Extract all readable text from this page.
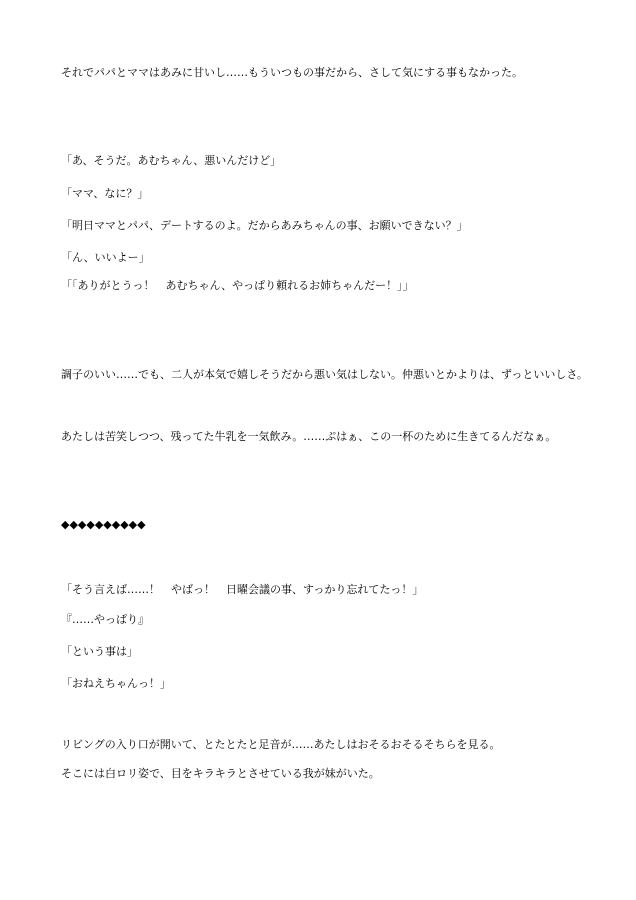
それでパパとママはあみに甘いし……もういつもの事だから、さして気にする事もなかった。
「あ、そうだ。あむちゃん、悪いんだけど」
「ママ、なに？」
「明日ママとパパ、デートするのよ。だからあみちゃんの事、お願いできない？」
「ん、いいよー」
「「ありがとうっ！　あむちゃん、やっぱり頼れるお姉ちゃんだー！」」
調子のいい……でも、二人が本気で嬉しそうだから悪い気はしない。仲悪いとかよりは、ずっといいしさ。
あたしは苦笑しつつ、残ってた牛乳を一気飲み。……ぷはぁ、この一杯のために生きてるんだなぁ。
◆◆◆◆◆◆◆◆◆◆
「そう言えば……！　やばっ！　日曜会議の事、すっかり忘れてたっ！」
『……やっぱり』
「という事は」
「おねえちゃんっ！」
リビングの入り口が開いて、とたとたと足音が……あたしはおそるおそるそちらを見る。
そこには白ロリ姿で、目をキラキラとさせている我が妹がいた。
